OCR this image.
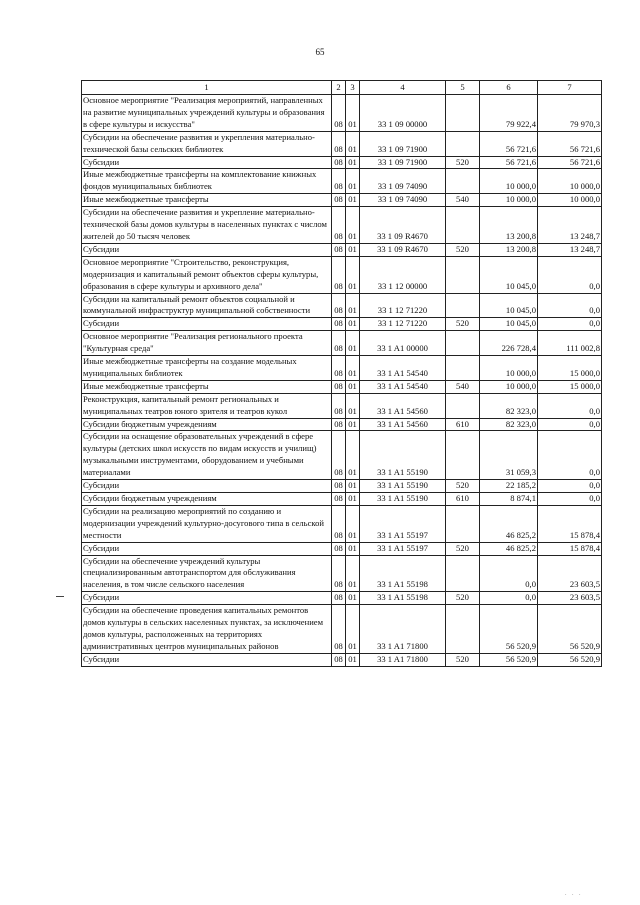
65
1	2	3	4	5	6	7
Основное мероприятие "Реализация мероприятий, направленных на развитие муниципальных учреждений культуры и образования в сфере культуры и искусства"	08	01	33 1 09 00000		79 922,4	79 970,3
Субсидии на обеспечение развития и укрепления материально-технической базы сельских библиотек	08	01	33 1 09 71900		56 721,6	56 721,6
Субсидии	08	01	33 1 09 71900	520	56 721,6	56 721,6
Иные межбюджетные трансферты на комплектование книжных фондов муниципальных библиотек	08	01	33 1 09 74090		10 000,0	10 000,0
Иные межбюджетные трансферты	08	01	33 1 09 74090	540	10 000,0	10 000,0
Субсидии на обеспечение развития и укрепление материально-технической базы домов культуры в населенных пунктах с числом жителей до 50 тысяч человек	08	01	33 1 09 R4670		13 200,8	13 248,7
Субсидии	08	01	33 1 09 R4670	520	13 200,8	13 248,7
Основное мероприятие "Строительство, реконструкция, модернизация и капитальный ремонт объектов сферы культуры, образования в сфере культуры и архивного дела"	08	01	33 1 12 00000		10 045,0	0,0
Субсидии на капитальный ремонт объектов социальной и коммунальной инфраструктур муниципальной собственности	08	01	33 1 12 71220		10 045,0	0,0
Субсидии	08	01	33 1 12 71220	520	10 045,0	0,0
Основное мероприятие "Реализация регионального проекта "Культурная среда"	08	01	33 1 A1 00000		226 728,4	111 002,8
Иные межбюджетные трансферты на создание модельных муниципальных библиотек	08	01	33 1 A1 54540		10 000,0	15 000,0
Иные межбюджетные трансферты	08	01	33 1 A1 54540	540	10 000,0	15 000,0
Реконструкция, капитальный ремонт региональных и муниципальных театров юного зрителя и театров кукол	08	01	33 1 A1 54560		82 323,0	0,0
Субсидии бюджетным учреждениям	08	01	33 1 A1 54560	610	82 323,0	0,0
Субсидии на оснащение образовательных учреждений в сфере культуры (детских школ искусств по видам искусств и училищ) музыкальными инструментами, оборудованием и учебными материалами	08	01	33 1 A1 55190		31 059,3	0,0
Субсидии	08	01	33 1 A1 55190	520	22 185,2	0,0
Субсидии бюджетным учреждениям	08	01	33 1 A1 55190	610	8 874,1	0,0
Субсидии на реализацию мероприятий по созданию и модернизации учреждений культурно-досугового типа в сельской местности	08	01	33 1 A1 55197		46 825,2	15 878,4
Субсидии	08	01	33 1 A1 55197	520	46 825,2	15 878,4
Субсидии на обеспечение учреждений культуры специализированным автотранспортом для обслуживания населения, в том числе сельского населения	08	01	33 1 A1 55198		0,0	23 603,5
Субсидии	08	01	33 1 A1 55198	520	0,0	23 603,5
Субсидии на обеспечение проведения капитальных ремонтов домов культуры в сельских населенных пунктах, за исключением домов культуры, расположенных на территориях административных центров муниципальных районов	08	01	33 1 A1 71800		56 520,9	56 520,9
Субсидии	08	01	33 1 A1 71800	520	56 520,9	56 520,9
. . .
